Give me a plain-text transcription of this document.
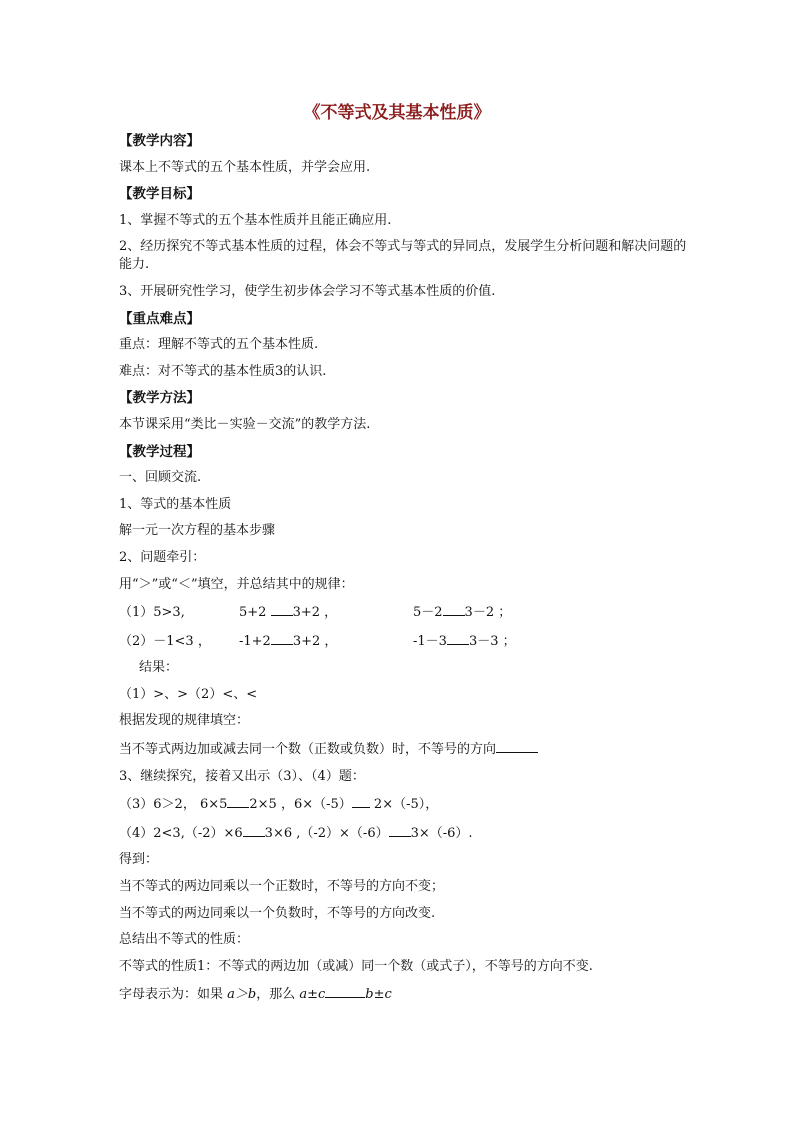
《不等式及其基本性质》
【教学内容】
课本上不等式的五个基本性质，并学会应用.
【教学目标】
1、掌握不等式的五个基本性质并且能正确应用.
2、经历探究不等式基本性质的过程，体会不等式与等式的异同点，发展学生分析问题和解决问题的能力.
3、开展研究性学习，使学生初步体会学习不等式基本性质的价值.
【重点难点】
重点：理解不等式的五个基本性质.
难点：对不等式的基本性质3的认识.
【教学方法】
本节课采用“类比－实验－交流”的教学方法.
【教学过程】
一、回顾交流.
1、等式的基本性质
解一元一次方程的基本步骤
2、问题牵引：
用“＞”或“＜”填空，并总结其中的规律：
（1）5>3,	5+2 3+2 ，	5－2 3－2 ；
（2）－1<3 ， -1+2 3+2 ，	-1－3 3－3 ；
结果：
（1）>、>（2）<、<
根据发现的规律填空：
当不等式两边加或减去同一个数（正数或负数）时，不等号的方向
3、继续探究，接着又出示（3）、（4）题：
（3）6＞2， 6×5 2×5 ，6×（-5） 2×（-5），
（4）2<3,（-2）×6 3×6 ,（-2）×（-6） 3×（-6）.
得到：
当不等式的两边同乘以一个正数时，不等号的方向不变；
当不等式的两边同乘以一个负数时，不等号的方向改变.
总结出不等式的性质：
不等式的性质1：不等式的两边加（或减）同一个数（或式子），不等号的方向不变.
字母表示为：如果 a＞b，那么 a±c	b±c
